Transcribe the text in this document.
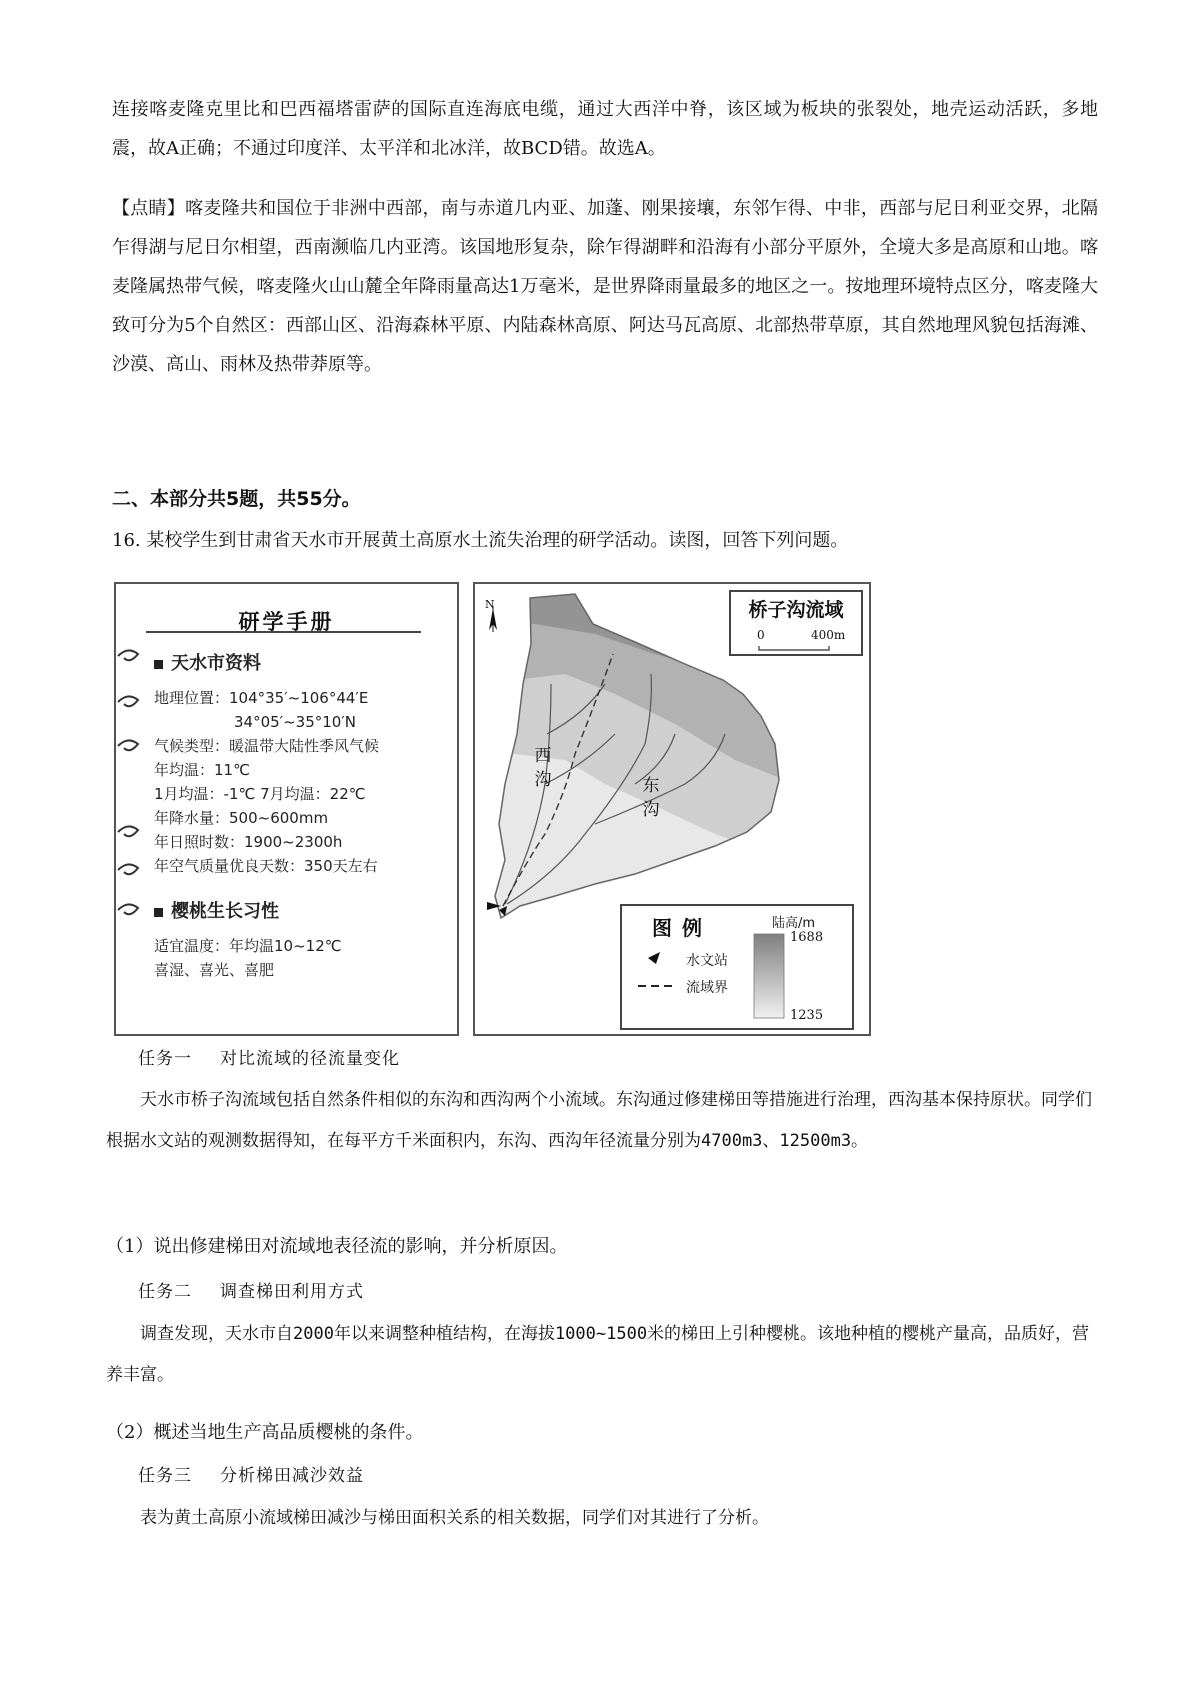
连接喀麦隆克里比和巴西福塔雷萨的国际直连海底电缆，通过大西洋中脊，该区域为板块的张裂处，地壳运动活跃，多地震，故A正确；不通过印度洋、太平洋和北冰洋，故BCD错。故选A。

【点睛】喀麦隆共和国位于非洲中西部，南与赤道几内亚、加蓬、刚果接壤，东邻乍得、中非，西部与尼日利亚交界，北隔乍得湖与尼日尔相望，西南濒临几内亚湾。该国地形复杂，除乍得湖畔和沿海有小部分平原外，全境大多是高原和山地。喀麦隆属热带气候，喀麦隆火山山麓全年降雨量高达1万毫米，是世界降雨量最多的地区之一。按地理环境特点区分，喀麦隆大致可分为5个自然区：西部山区、沿海森林平原、内陆森林高原、阿达马瓦高原、北部热带草原，其自然地理风貌包括海滩、沙漠、高山、雨林及热带莽原等。

二、本部分共5题，共55分。

16. 某校学生到甘肃省天水市开展黄土高原水土流失治理的研学活动。读图，回答下列问题。

研学手册
天水市资料
地理位置：104°35′~106°44′E
34°05′~35°10′N
气候类型：暖温带大陆性季风气候
年均温：11℃
1月均温：-1℃ 7月均温：22℃
年降水量：500~600mm
年日照时数：1900~2300h
年空气质量优良天数：350天左右
樱桃生长习性
适宜温度：年均温10~12℃
喜湿、喜光、喜肥
N	桥子沟流域
0	400m
西沟	东沟
图例	陆高/m
1688
1235
水文站
流域界

任务一 对比流域的径流量变化

天水市桥子沟流域包括自然条件相似的东沟和西沟两个小流域。东沟通过修建梯田等措施进行治理，西沟基本保持原状。同学们根据水文站的观测数据得知，在每平方千米面积内，东沟、西沟年径流量分别为4700m3、12500m3。

（1）说出修建梯田对流域地表径流的影响，并分析原因。

任务二 调查梯田利用方式

调查发现，天水市自2000年以来调整种植结构，在海拔1000~1500米的梯田上引种樱桃。该地种植的樱桃产量高，品质好，营养丰富。

（2）概述当地生产高品质樱桃的条件。

任务三 分析梯田减沙效益

表为黄土高原小流域梯田减沙与梯田面积关系的相关数据，同学们对其进行了分析。
